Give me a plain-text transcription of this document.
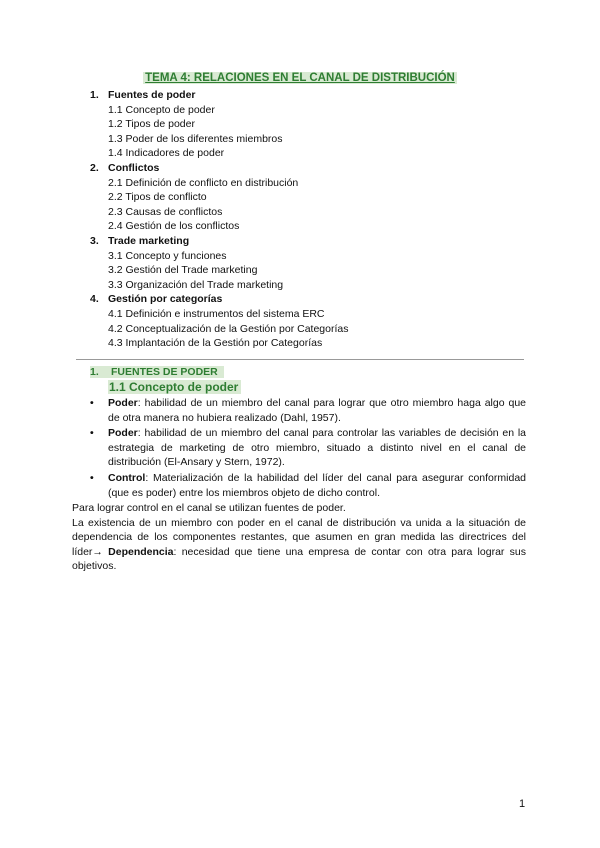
TEMA 4: RELACIONES EN EL CANAL DE DISTRIBUCIÓN
1. Fuentes de poder
1.1 Concepto de poder
1.2 Tipos de poder
1.3 Poder de los diferentes miembros
1.4 Indicadores de poder
2. Conflictos
2.1 Definición de conflicto en distribución
2.2 Tipos de conflicto
2.3 Causas de conflictos
2.4 Gestión de los conflictos
3. Trade marketing
3.1 Concepto y funciones
3.2 Gestión del Trade marketing
3.3 Organización del Trade marketing
4. Gestión por categorías
4.1 Definición e instrumentos del sistema ERC
4.2 Conceptualización de la Gestión por Categorías
4.3 Implantación de la Gestión por Categorías
1. FUENTES DE PODER
1.1 Concepto de poder
•	Poder: habilidad de un miembro del canal para lograr que otro miembro haga algo que de otra manera no hubiera realizado (Dahl, 1957).
•	Poder: habilidad de un miembro del canal para controlar las variables de decisión en la estrategia de marketing de otro miembro, situado a distinto nivel en el canal de distribución (El-Ansary y Stern, 1972).
•	Control: Materialización de la habilidad del líder del canal para asegurar conformidad (que es poder) entre los miembros objeto de dicho control.

Para lograr control en el canal se utilizan fuentes de poder.

La existencia de un miembro con poder en el canal de distribución va unida a la situación de dependencia de los componentes restantes, que asumen en gran medida las directrices del líder→ Dependencia: necesidad que tiene una empresa de contar con otra para lograr sus objetivos.

1
